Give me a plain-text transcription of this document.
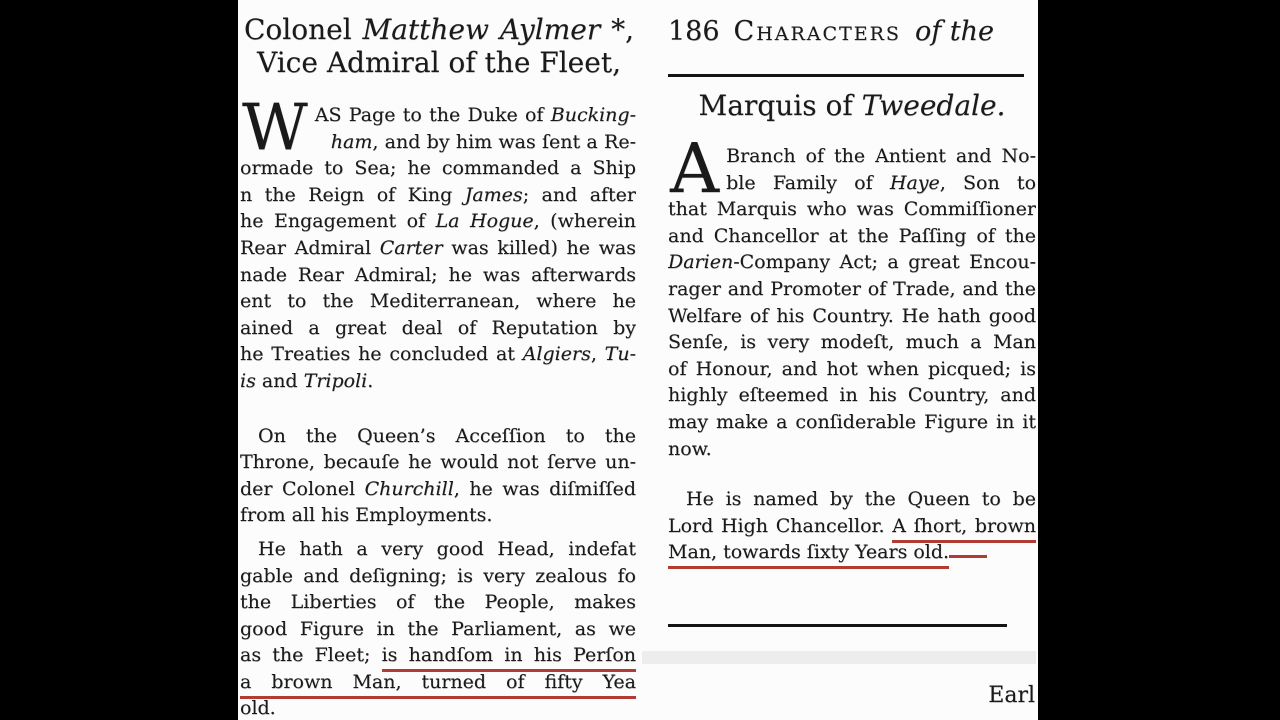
Colonel Matthew Aylmer *,
Vice Admiral of the Fleet,
W AS Page to the Duke of Bucking-
ham, and by him was ſent a Re-
ormade to Sea; he commanded a Ship
n the Reign of King James; and after
he Engagement of La Hogue, (wherein
Rear Admiral Carter was killed) he was
nade Rear Admiral; he was afterwards
ent to the Mediterranean, where he
ained a great deal of Reputation by
he Treaties he concluded at Algiers, Tu-
is and Tripoli.
On the Queen’s Acceſſion to the
Throne, becauſe he would not ſerve un-
der Colonel Churchill, he was diſmiſſed
from all his Employments.
He hath a very good Head, indefat
gable and deſigning; is very zealous fo
the Liberties of the People, makes
good Figure in the Parliament, as we
as the Fleet; is handſom in his Perſon
a brown Man, turned of fifty Yea
old.
186 Characters of the
Marquis of Tweedale.
A Branch of the Antient and No-
ble Family of Haye, Son to
that Marquis who was Commiſſioner
and Chancellor at the Paſſing of the
Darien-Company Act; a great Encou-
rager and Promoter of Trade, and the
Welfare of his Country. He hath good
Senſe, is very modeſt, much a Man
of Honour, and hot when picqued; is
highly eſteemed in his Country, and
may make a conſiderable Figure in it
now.
He is named by the Queen to be
Lord High Chancellor. A ſhort, brown
Man, towards ſixty Years old.
Earl
